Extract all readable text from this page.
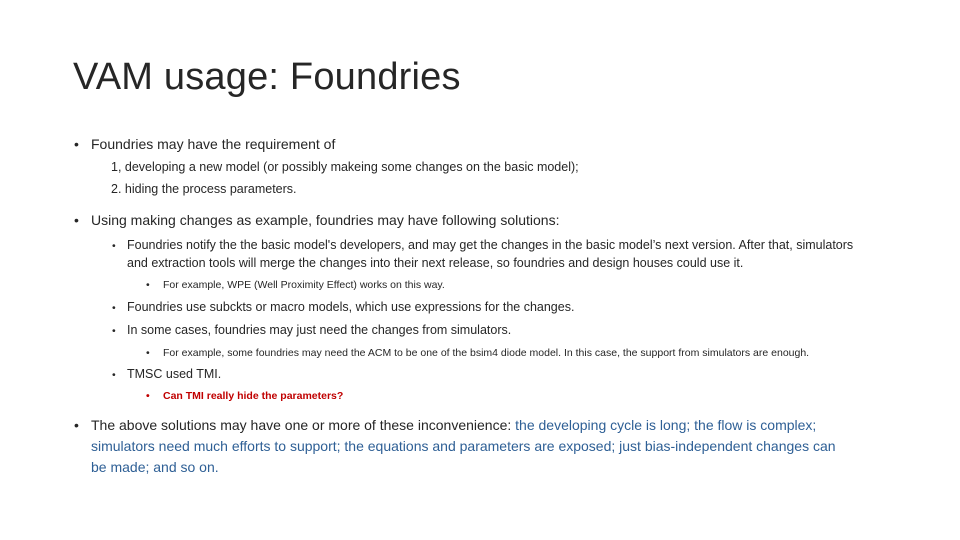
VAM usage: Foundries
• Foundries may have the requirement of
1, developing a new model (or possibly makeing some changes on the basic model);
2. hiding the process parameters.
• Using making changes as example, foundries may have following solutions:
• Foundries notify the the basic model's developers, and may get the changes in the basic model’s next version. After that, simulators
and extraction tools will merge the changes into their next release, so foundries and design houses could use it.
• For example, WPE (Well Proximity Effect) works on this way.
• Foundries use subckts or macro models, which use expressions for the changes.
• In some cases, foundries may just need the changes from simulators.
• For example, some foundries may need the ACM to be one of the bsim4 diode model. In this case, the support from simulators are enough.
• TMSC used TMI.
• Can TMI really hide the parameters?
• The above solutions may have one or more of these inconvenience: the developing cycle is long; the flow is complex;
simulators need much efforts to support; the equations and parameters are exposed; just bias-independent changes can
be made; and so on.
